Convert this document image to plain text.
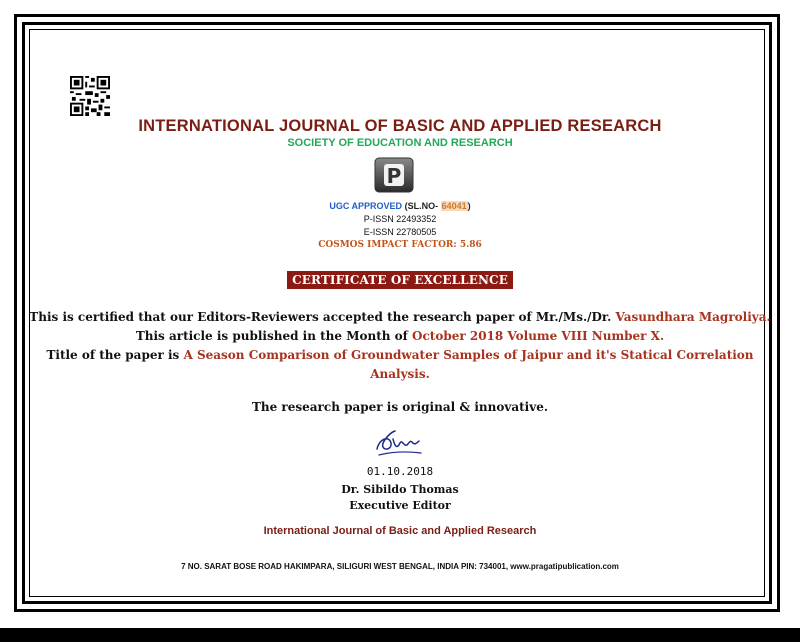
INTERNATIONAL JOURNAL OF BASIC AND APPLIED RESEARCH
SOCIETY OF EDUCATION AND RESEARCH
P
UGC APPROVED (SL.NO- 64041)
P-ISSN 22493352
E-ISSN 22780505
COSMOS IMPACT FACTOR: 5.86
CERTIFICATE OF EXCELLENCE
This is certified that our Editors-Reviewers accepted the research paper of Mr./Ms./Dr. Vasundhara Magroliya.
This article is published in the Month of October 2018 Volume VIII Number X.
Title of the paper is A Season Comparison of Groundwater Samples of Jaipur and it's Statical Correlation
Analysis.
The research paper is original & innovative.
01.10.2018
Dr. Sibildo Thomas
Executive Editor
International Journal of Basic and Applied Research
7 NO. SARAT BOSE ROAD HAKIMPARA, SILIGURI WEST BENGAL, INDIA PIN: 734001, www.pragatipublication.com
